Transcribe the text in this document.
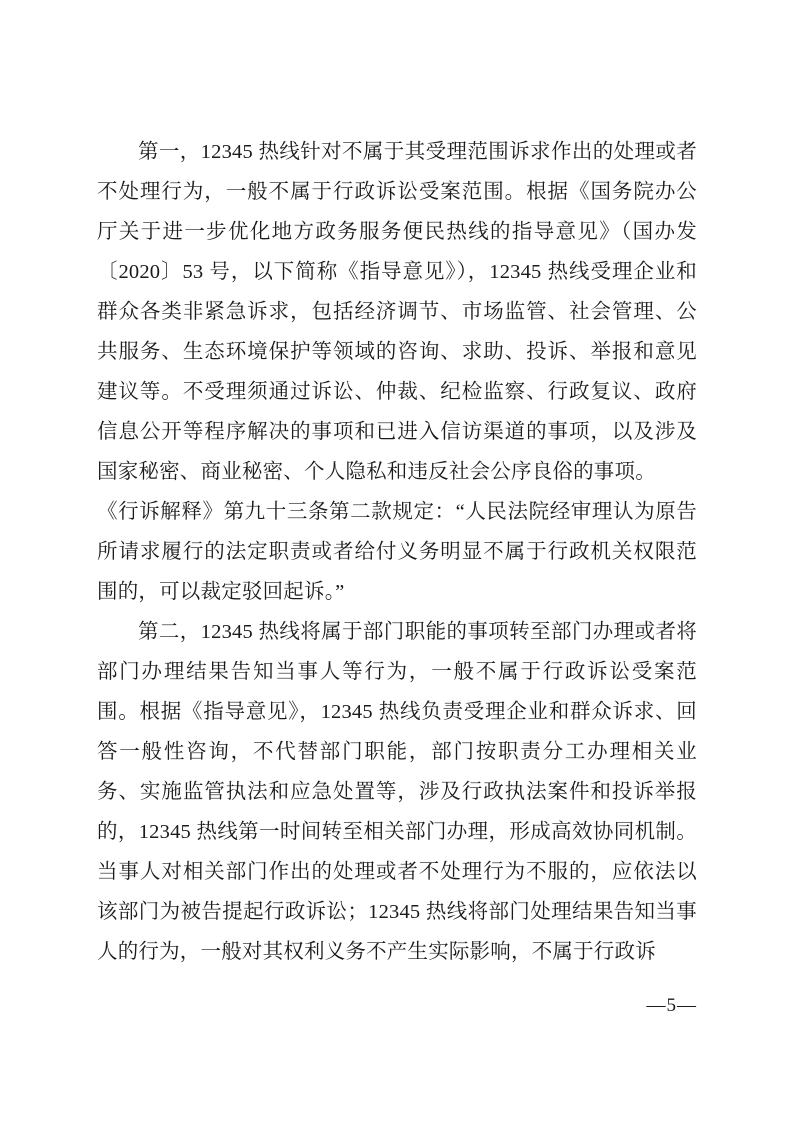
第一，12345 热线针对不属于其受理范围诉求作出的处理或者不处理行为，一般不属于行政诉讼受案范围。根据《国务院办公厅关于进一步优化地方政务服务便民热线的指导意见》（国办发〔2020〕53 号，以下简称《指导意见》），12345 热线受理企业和群众各类非紧急诉求，包括经济调节、市场监管、社会管理、公共服务、生态环境保护等领域的咨询、求助、投诉、举报和意见建议等。不受理须通过诉讼、仲裁、纪检监察、行政复议、政府信息公开等程序解决的事项和已进入信访渠道的事项，以及涉及国家秘密、商业秘密、个人隐私和违反社会公序良俗的事项。

《行诉解释》第九十三条第二款规定：“人民法院经审理认为原告所请求履行的法定职责或者给付义务明显不属于行政机关权限范围的，可以裁定驳回起诉。”

第二，12345 热线将属于部门职能的事项转至部门办理或者将部门办理结果告知当事人等行为，一般不属于行政诉讼受案范围。根据《指导意见》，12345 热线负责受理企业和群众诉求、回答一般性咨询，不代替部门职能，部门按职责分工办理相关业务、实施监管执法和应急处置等，涉及行政执法案件和投诉举报的，12345 热线第一时间转至相关部门办理，形成高效协同机制。当事人对相关部门作出的处理或者不处理行为不服的，应依法以该部门为被告提起行政诉讼；12345 热线将部门处理结果告知当事人的行为，一般对其权利义务不产生实际影响，不属于行政诉

—5—
